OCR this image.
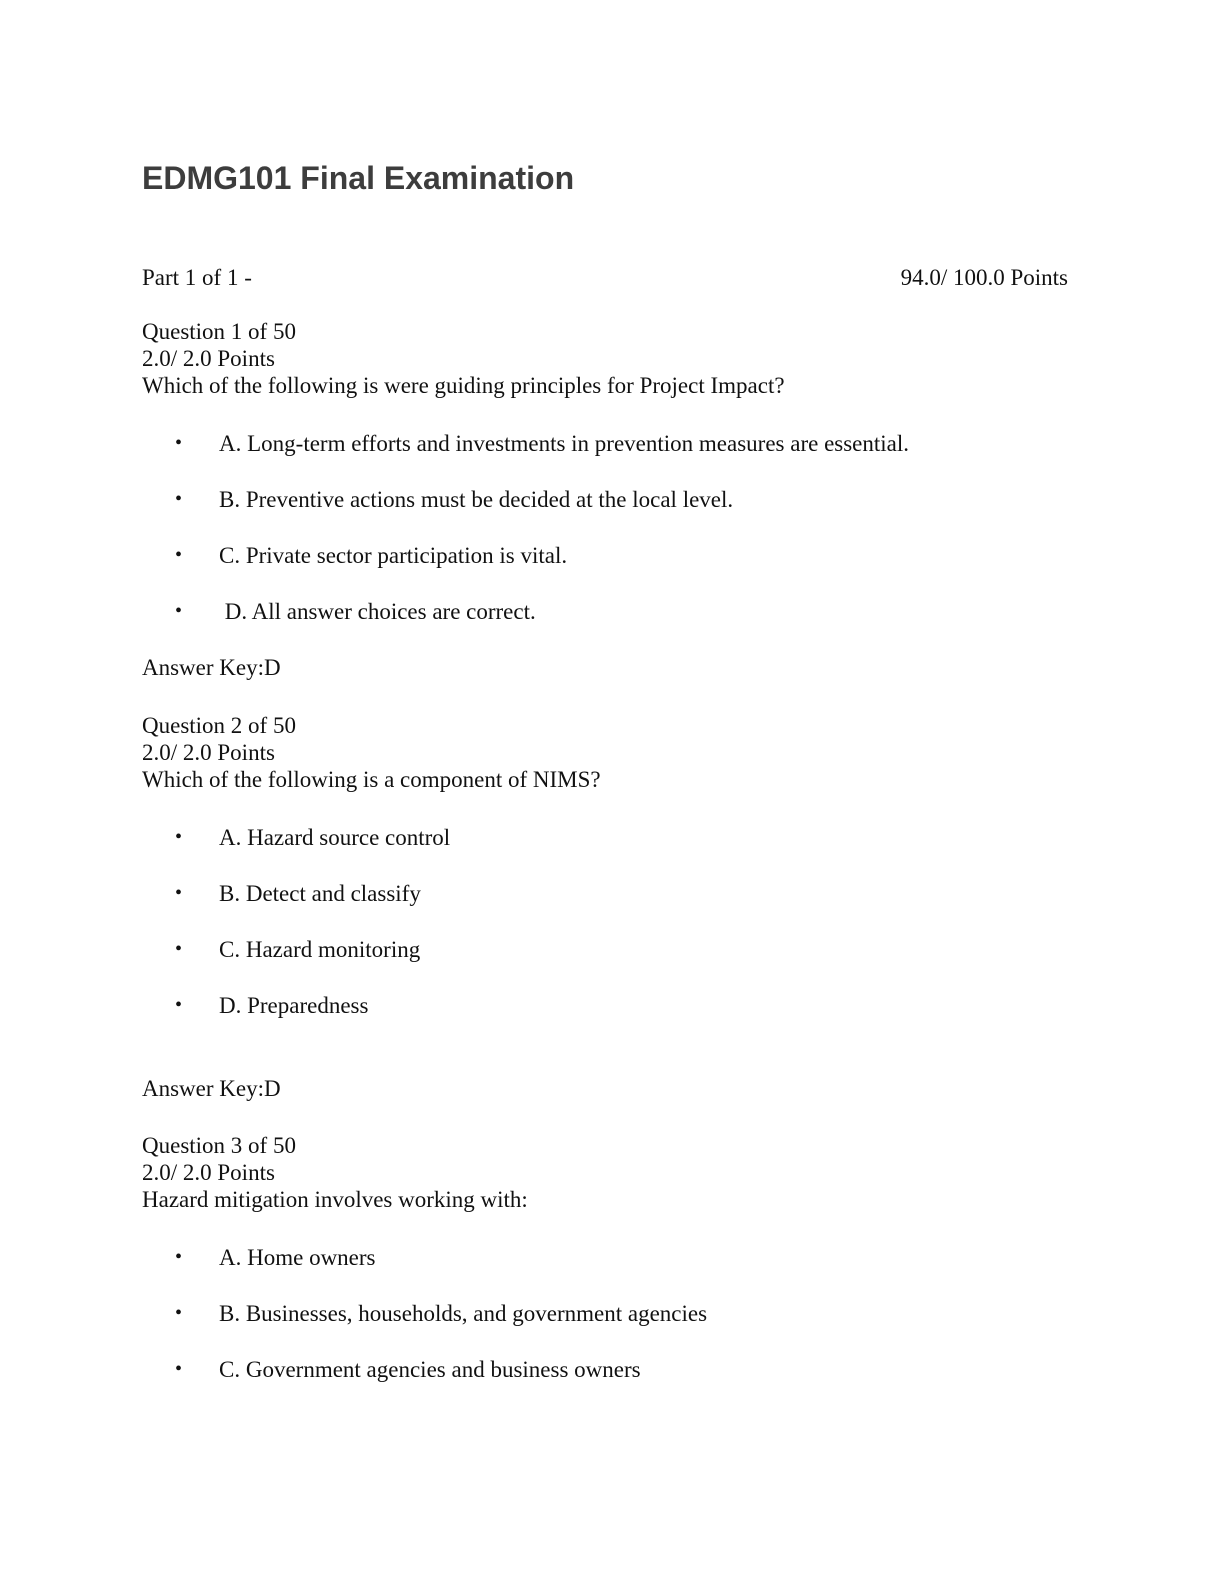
EDMG101 Final Examination
Part 1 of 1 -	94.0/ 100.0 Points
Question 1 of 50
2.0/ 2.0 Points
Which of the following is were guiding principles for Project Impact?
• A. Long-term efforts and investments in prevention measures are essential.
• B. Preventive actions must be decided at the local level.
• C. Private sector participation is vital.
• D. All answer choices are correct.
Answer Key:D
Question 2 of 50
2.0/ 2.0 Points
Which of the following is a component of NIMS?
• A. Hazard source control
• B. Detect and classify
• C. Hazard monitoring
• D. Preparedness
Answer Key:D
Question 3 of 50
2.0/ 2.0 Points
Hazard mitigation involves working with:
• A. Home owners
• B. Businesses, households, and government agencies
• C. Government agencies and business owners
